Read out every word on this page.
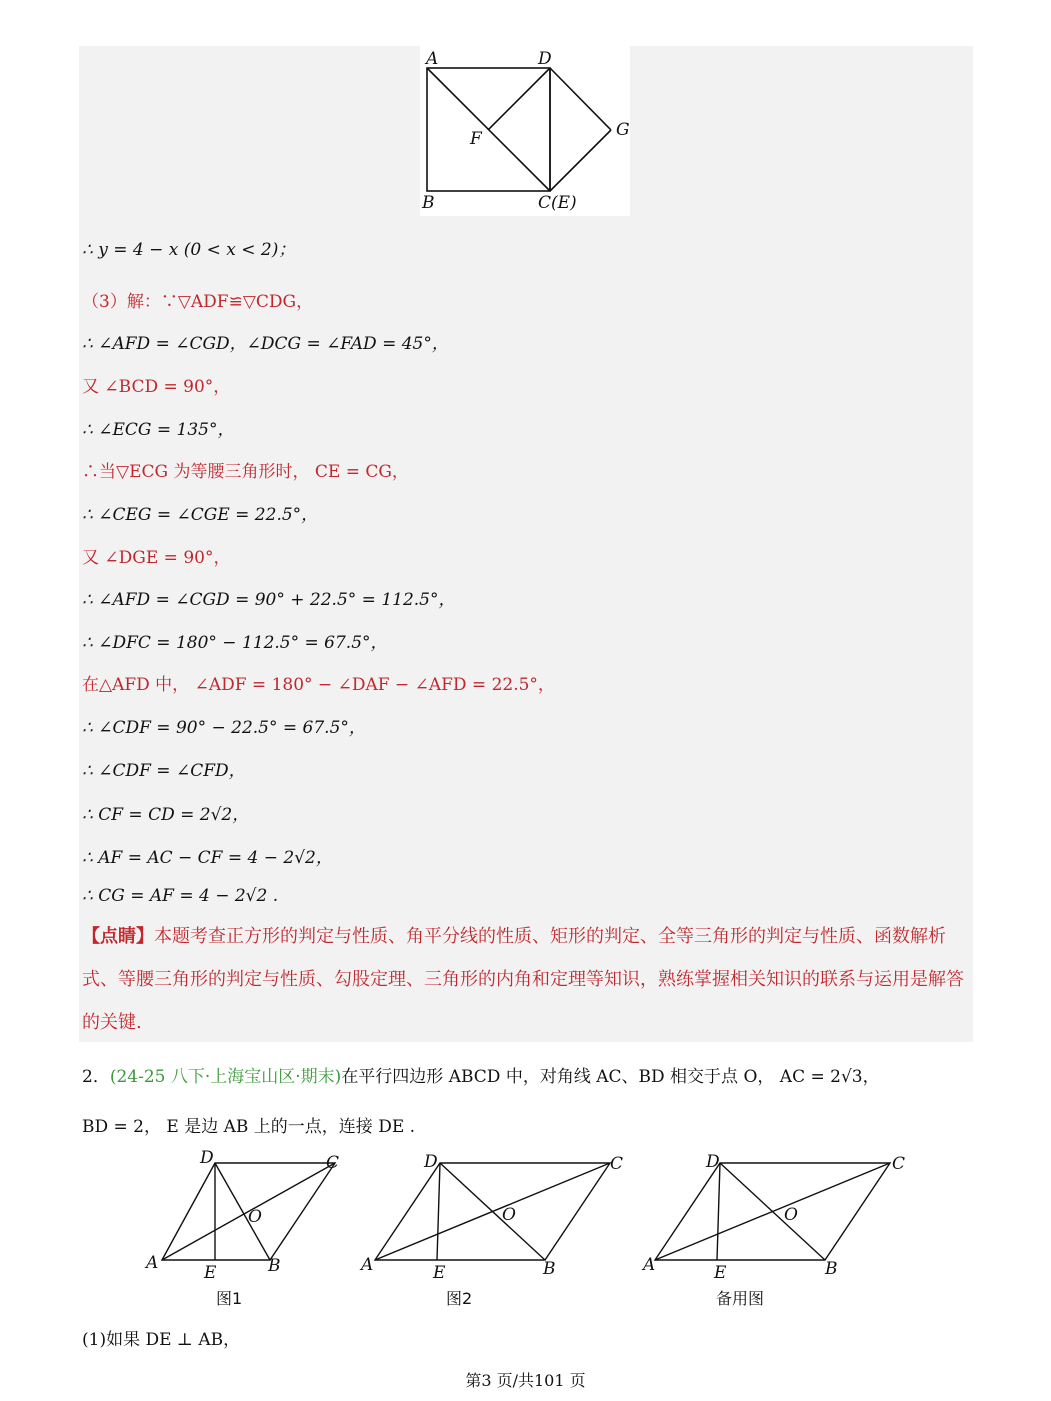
A	D
F	G
B	C(E)
∴ y = 4 − x (0 < x < 2)；
（3）解：∵▽ADF≌▽CDG，
∴ ∠AFD = ∠CGD，∠DCG = ∠FAD = 45°，
又 ∠BCD = 90°，
∴ ∠ECG = 135°，
∴当▽ECG 为等腰三角形时， CE = CG，
∴ ∠CEG = ∠CGE = 22.5°，
又 ∠DGE = 90°，
∴ ∠AFD = ∠CGD = 90° + 22.5° = 112.5°，
∴ ∠DFC = 180° − 112.5° = 67.5°，
在△AFD 中， ∠ADF = 180° − ∠DAF − ∠AFD = 22.5°，
∴ ∠CDF = 90° − 22.5° = 67.5°，
∴ ∠CDF = ∠CFD，
∴ CF = CD = 2√2，
∴ AF = AC − CF = 4 − 2√2，
∴ CG = AF = 4 − 2√2 .
【点睛】本题考查正方形的判定与性质、角平分线的性质、矩形的判定、全等三角形的判定与性质、函数解析式、等腰三角形的判定与性质、勾股定理、三角形的内角和定理等知识，熟练掌握相关知识的联系与运用是解答的关键.
2．(24-25 八下·上海宝山区·期末)在平行四边形 ABCD 中，对角线 AC、BD 相交于点 O， AC = 2√3，
BD = 2， E 是边 AB 上的一点，连接 DE .
D	C
O
A	E	B
D	C
O
A	E	B
D	C
O
A	E	B
图1	图2	备用图
(1)如果 DE ⊥ AB，
第3 页/共101 页
